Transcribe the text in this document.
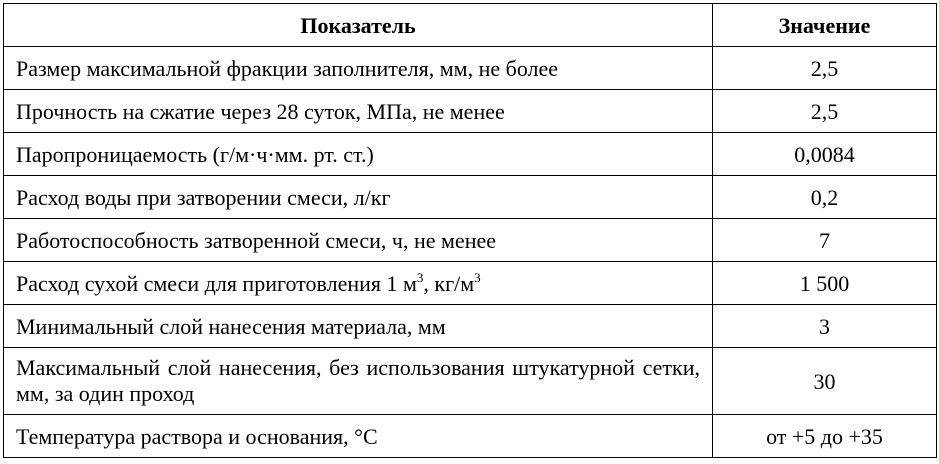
Показатель	Значение
Размер максимальной фракции заполнителя, мм, не более	2,5
Прочность на сжатие через 28 суток, МПа, не менее	2,5
Паропроницаемость (г/м·ч·мм. рт. ст.)	0,0084
Расход воды при затворении смеси, л/кг	0,2
Работоспособность затворенной смеси, ч, не менее	7
Расход сухой смеси для приготовления 1 $м^3$, $кг/м^3$	1 500
Минимальный слой нанесения материала, мм	3
Максимальный слой нанесения, без использования штукатурной сетки, мм, за один проход	30
Температура раствора и основания, °С	от +5 до +35
